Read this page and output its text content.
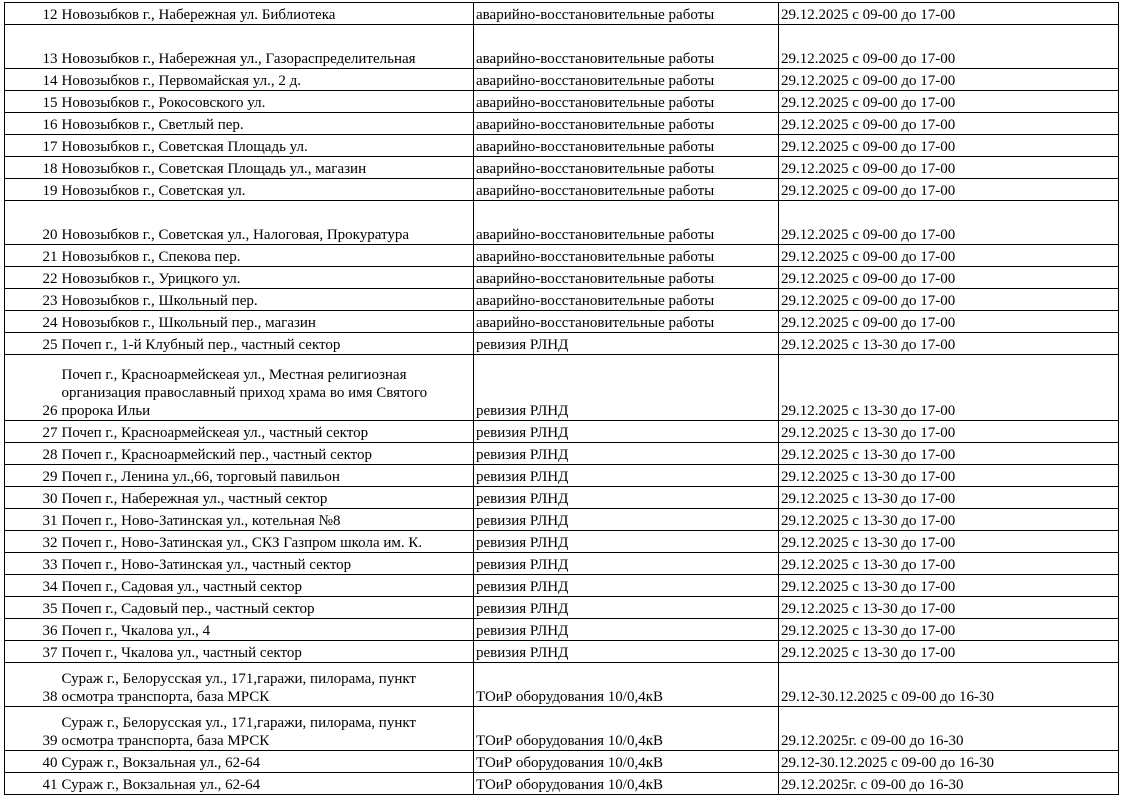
12	Новозыбков г., Набережная ул. Библиотека	аварийно-восстановительные работы	29.12.2025 с 09-00 до 17-00
13	Новозыбков г., Набережная ул., Газораспределительная	аварийно-восстановительные работы	29.12.2025 с 09-00 до 17-00
14	Новозыбков г., Первомайская ул., 2 д.	аварийно-восстановительные работы	29.12.2025 с 09-00 до 17-00
15	Новозыбков г., Рокосовского ул.	аварийно-восстановительные работы	29.12.2025 с 09-00 до 17-00
16	Новозыбков г., Светлый пер.	аварийно-восстановительные работы	29.12.2025 с 09-00 до 17-00
17	Новозыбков г., Советская Площадь ул.	аварийно-восстановительные работы	29.12.2025 с 09-00 до 17-00
18	Новозыбков г., Советская Площадь ул., магазин	аварийно-восстановительные работы	29.12.2025 с 09-00 до 17-00
19	Новозыбков г., Советская ул.	аварийно-восстановительные работы	29.12.2025 с 09-00 до 17-00
20	Новозыбков г., Советская ул., Налоговая, Прокуратура	аварийно-восстановительные работы	29.12.2025 с 09-00 до 17-00
21	Новозыбков г., Спекова пер.	аварийно-восстановительные работы	29.12.2025 с 09-00 до 17-00
22	Новозыбков г., Урицкого ул.	аварийно-восстановительные работы	29.12.2025 с 09-00 до 17-00
23	Новозыбков г., Школьный пер.	аварийно-восстановительные работы	29.12.2025 с 09-00 до 17-00
24	Новозыбков г., Школьный пер., магазин	аварийно-восстановительные работы	29.12.2025 с 09-00 до 17-00
25	Почеп г., 1-й Клубный пер., частный сектор	ревизия РЛНД	29.12.2025 с 13-30 до 17-00
26	Почеп г., Красноармейскеая ул., Местная религиозная организация православный приход храма во имя Святого пророка Ильи	ревизия РЛНД	29.12.2025 с 13-30 до 17-00
27	Почеп г., Красноармейскеая ул., частный сектор	ревизия РЛНД	29.12.2025 с 13-30 до 17-00
28	Почеп г., Красноармейский пер., частный сектор	ревизия РЛНД	29.12.2025 с 13-30 до 17-00
29	Почеп г., Ленина ул.,66, торговый павильон	ревизия РЛНД	29.12.2025 с 13-30 до 17-00
30	Почеп г., Набережная ул., частный сектор	ревизия РЛНД	29.12.2025 с 13-30 до 17-00
31	Почеп г., Ново-Затинская ул., котельная №8	ревизия РЛНД	29.12.2025 с 13-30 до 17-00
32	Почеп г., Ново-Затинская ул., СКЗ Газпром школа им. К.	ревизия РЛНД	29.12.2025 с 13-30 до 17-00
33	Почеп г., Ново-Затинская ул., частный сектор	ревизия РЛНД	29.12.2025 с 13-30 до 17-00
34	Почеп г., Садовая ул., частный сектор	ревизия РЛНД	29.12.2025 с 13-30 до 17-00
35	Почеп г., Садовый пер., частный сектор	ревизия РЛНД	29.12.2025 с 13-30 до 17-00
36	Почеп г., Чкалова ул., 4	ревизия РЛНД	29.12.2025 с 13-30 до 17-00
37	Почеп г., Чкалова ул., частный сектор	ревизия РЛНД	29.12.2025 с 13-30 до 17-00
38	Сураж г., Белорусская ул., 171,гаражи, пилорама, пункт осмотра транспорта, база МРСК	ТОиР оборудования 10/0,4кВ	29.12-30.12.2025 с 09-00 до 16-30
39	Сураж г., Белорусская ул., 171,гаражи, пилорама, пункт осмотра транспорта, база МРСК	ТОиР оборудования 10/0,4кВ	29.12.2025г. с 09-00 до 16-30
40	Сураж г., Вокзальная ул., 62-64	ТОиР оборудования 10/0,4кВ	29.12-30.12.2025 с 09-00 до 16-30
41	Сураж г., Вокзальная ул., 62-64	ТОиР оборудования 10/0,4кВ	29.12.2025г. с 09-00 до 16-30
